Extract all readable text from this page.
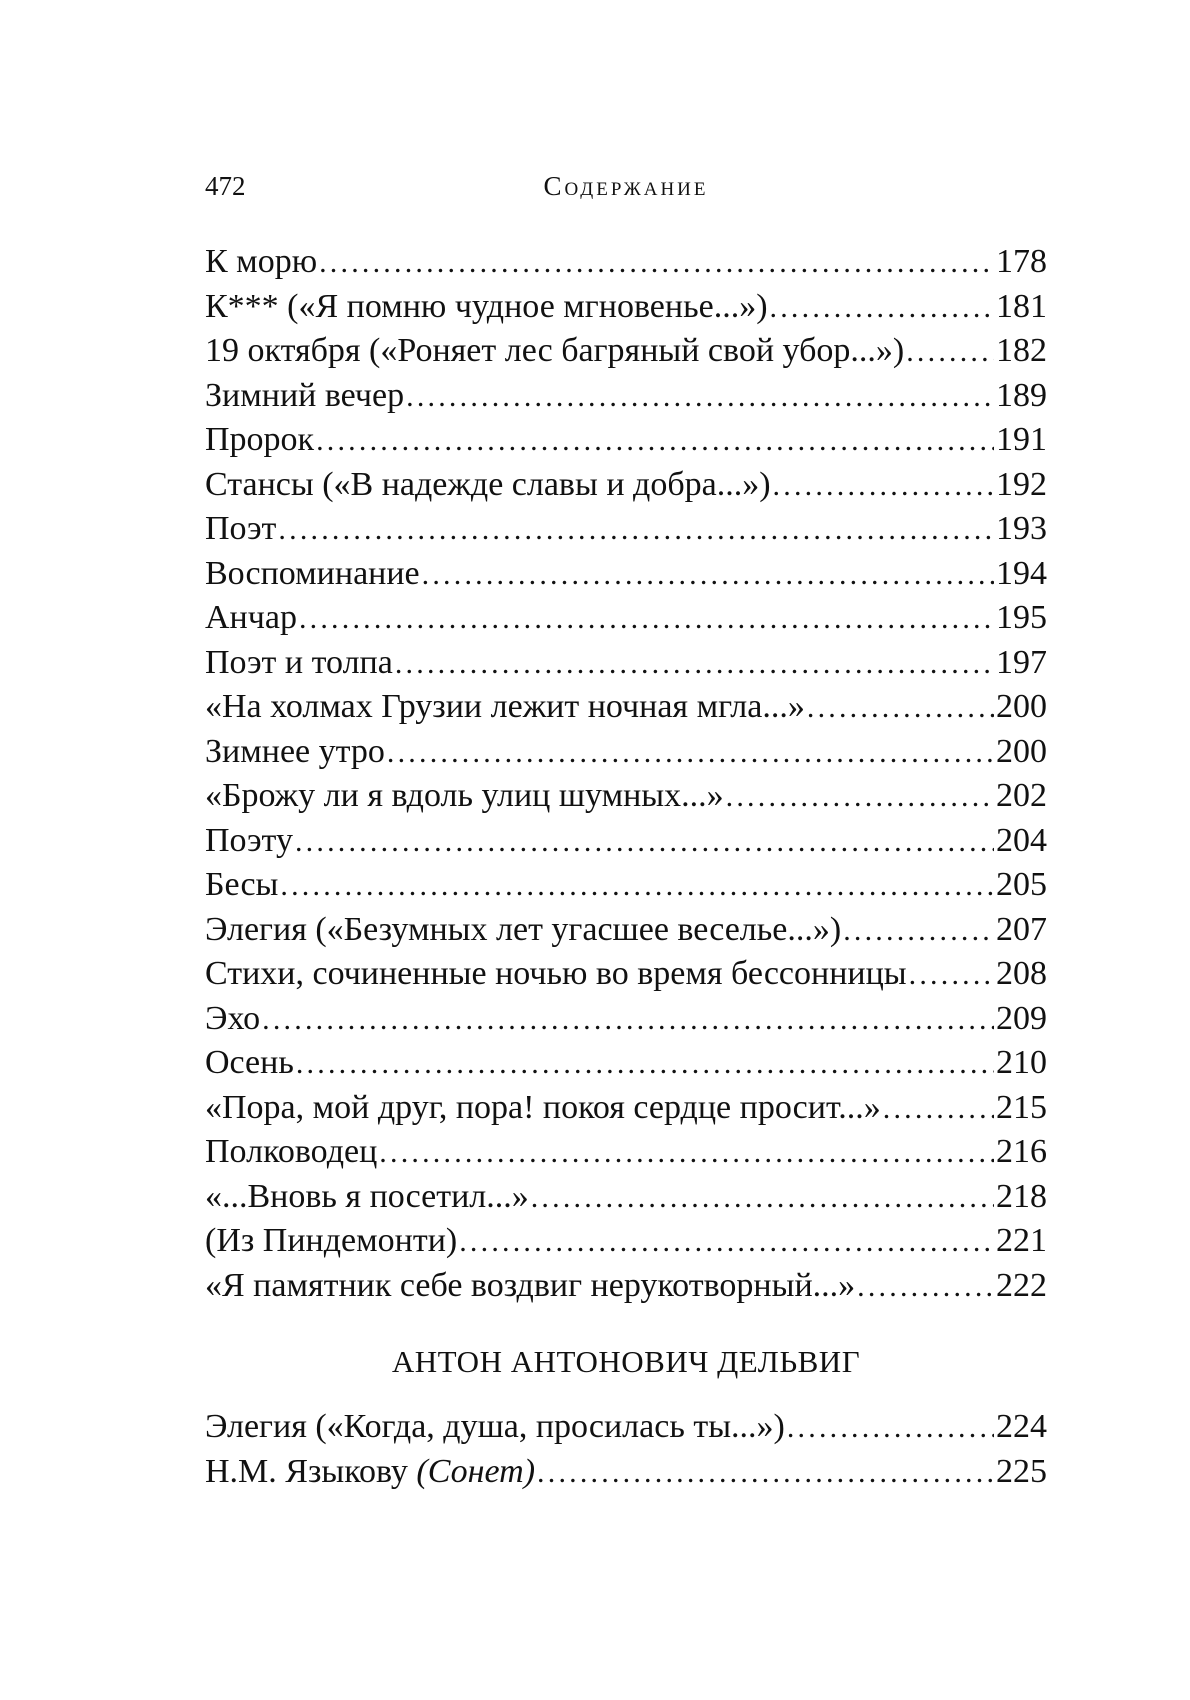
472	Содержание
К морю .....	178
К*** («Я помню чудное мгновенье...») .....	181
19 октября («Роняет лес багряный свой убор...») .....	182
Зимний вечер .....	189
Пророк .....	191
Стансы («В надежде славы и добра...») .....	192
Поэт .....	193
Воспоминание .....	194
Анчар .....	195
Поэт и толпа .....	197
«На холмах Грузии лежит ночная мгла...» .....	200
Зимнее утро .....	200
«Брожу ли я вдоль улиц шумных...» .....	202
Поэту .....	204
Бесы .....	205
Элегия («Безумных лет угасшее веселье...») .....	207
Стихи, сочиненные ночью во время бессонницы .....	208
Эхо .....	209
Осень .....	210
«Пора, мой друг, пора! покоя сердце просит...» .....	215
Полководец .....	216
«...Вновь я посетил...» .....	218
(Из Пиндемонти) .....	221
«Я памятник себе воздвиг нерукотворный...» .....	222
АНТОН АНТОНОВИЧ ДЕЛЬВИГ
Элегия («Когда, душа, просилась ты...») .....	224
Н.М. Языкову (Сонет) .....	225
